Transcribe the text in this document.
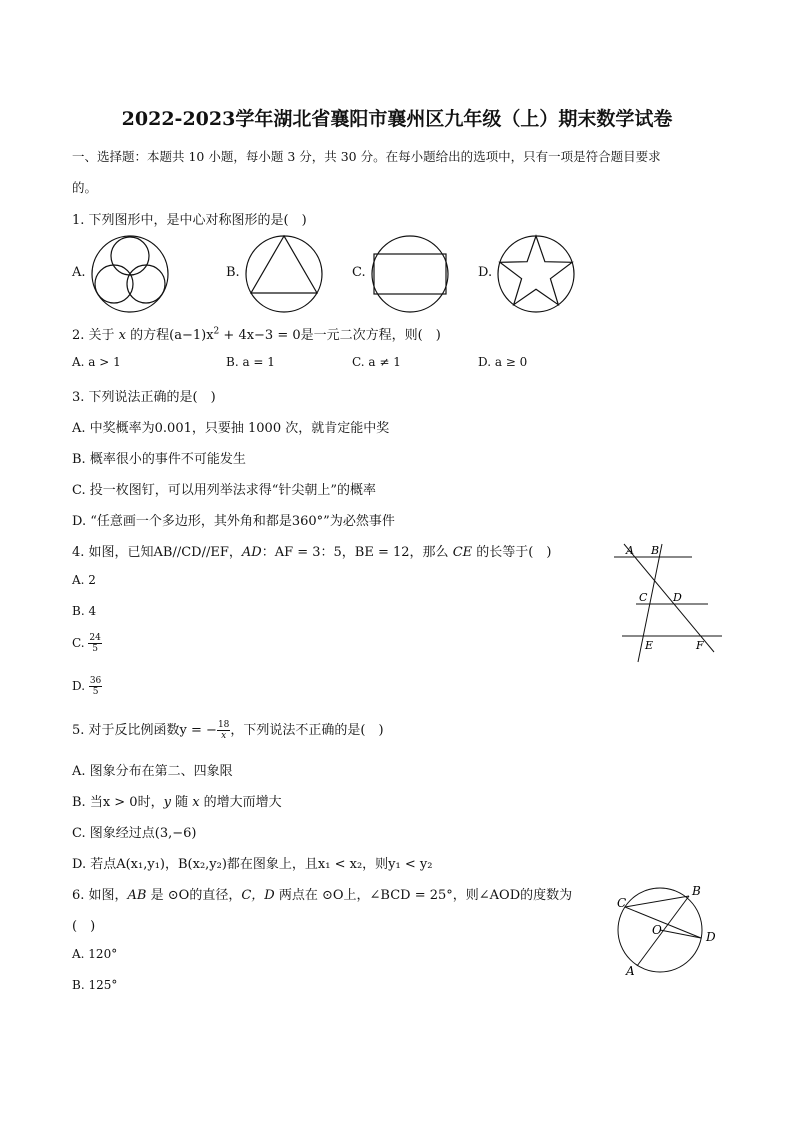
2022-2023学年湖北省襄阳市襄州区九年级（上）期末数学试卷
一、选择题：本题共 10 小题，每小题 3 分，共 30 分。在每小题给出的选项中，只有一项是符合题目要求
的。
1. 下列图形中，是中心对称图形的是(　)
A.	B.	C.	D.
2. 关于 x 的方程$(a-1)x^2 + 4x-3 = 0$是一元二次方程，则(　)
A. a > 1	B. a = 1	C. a ≠ 1	D. a ≥ 0
3. 下列说法正确的是(　)
A. 中奖概率为0.001，只要抽 1000 次，就肯定能中奖
B. 概率很小的事件不可能发生
C. 投一枚图钉，可以用列举法求得“针尖朝上”的概率
D. “任意画一个多边形，其外角和都是360°”为必然事件
4. 如图，已知AB//CD//EF，AD：AF = 3：5，BE = 12，那么 CE 的长等于(　)
A. 2
B. 4
C. $\frac{24}{5}$
D. $\frac{36}{5}$
A B
C D
E	F
5. 对于反比例函数y = − $\frac{18}{x}$ ，下列说法不正确的是(　)
A. 图象分布在第二、四象限
B. 当x > 0时，y 随 x 的增大而增大
C. 图象经过点(3,−6)
D. 若点A(x₁,y₁)，B(x₂,y₂)都在图象上，且x₁ < x₂，则y₁ < y₂
6. 如图，AB 是 ⊙O的直径，C，D 两点在 ⊙O上，∠BCD = 25°，则∠AOD的度数为
(　)
A. 120°
B. 125°
C
B
O	D
A
